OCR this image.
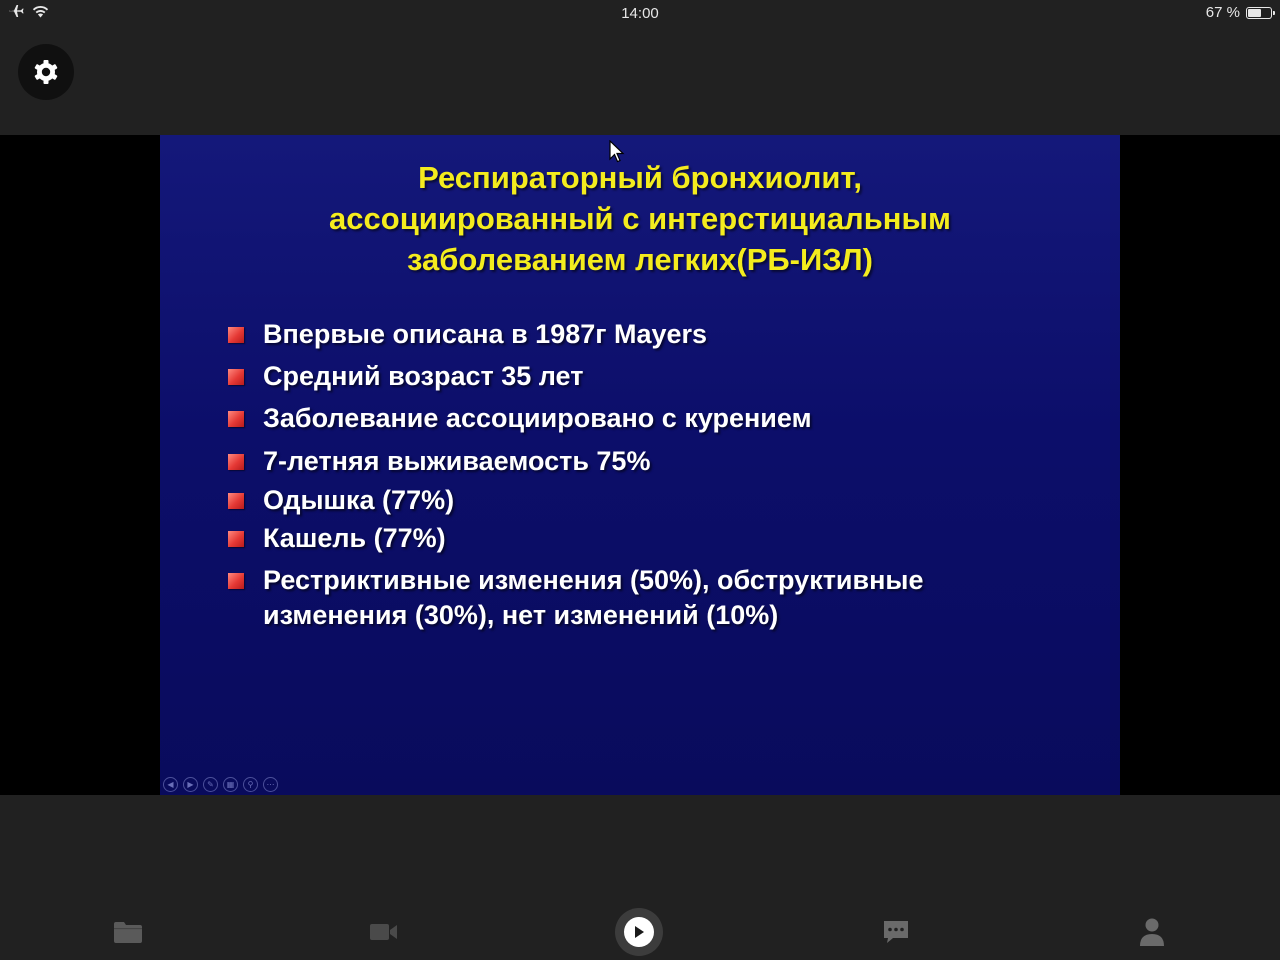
14:00	67 %
Респираторный бронхиолит,
ассоциированный с интерстициальным
заболеванием легких(РБ-ИЗЛ)
Впервые описана в 1987г Mayers
Средний возраст 35 лет
Заболевание ассоциировано с курением
7-летняя выживаемость 75%
Одышка (77%)
Кашель (77%)
Рестриктивные изменения (50%), обструктивные
изменения (30%), нет изменений (10%)
◀	▶	✎	▦	⚲	⋯
